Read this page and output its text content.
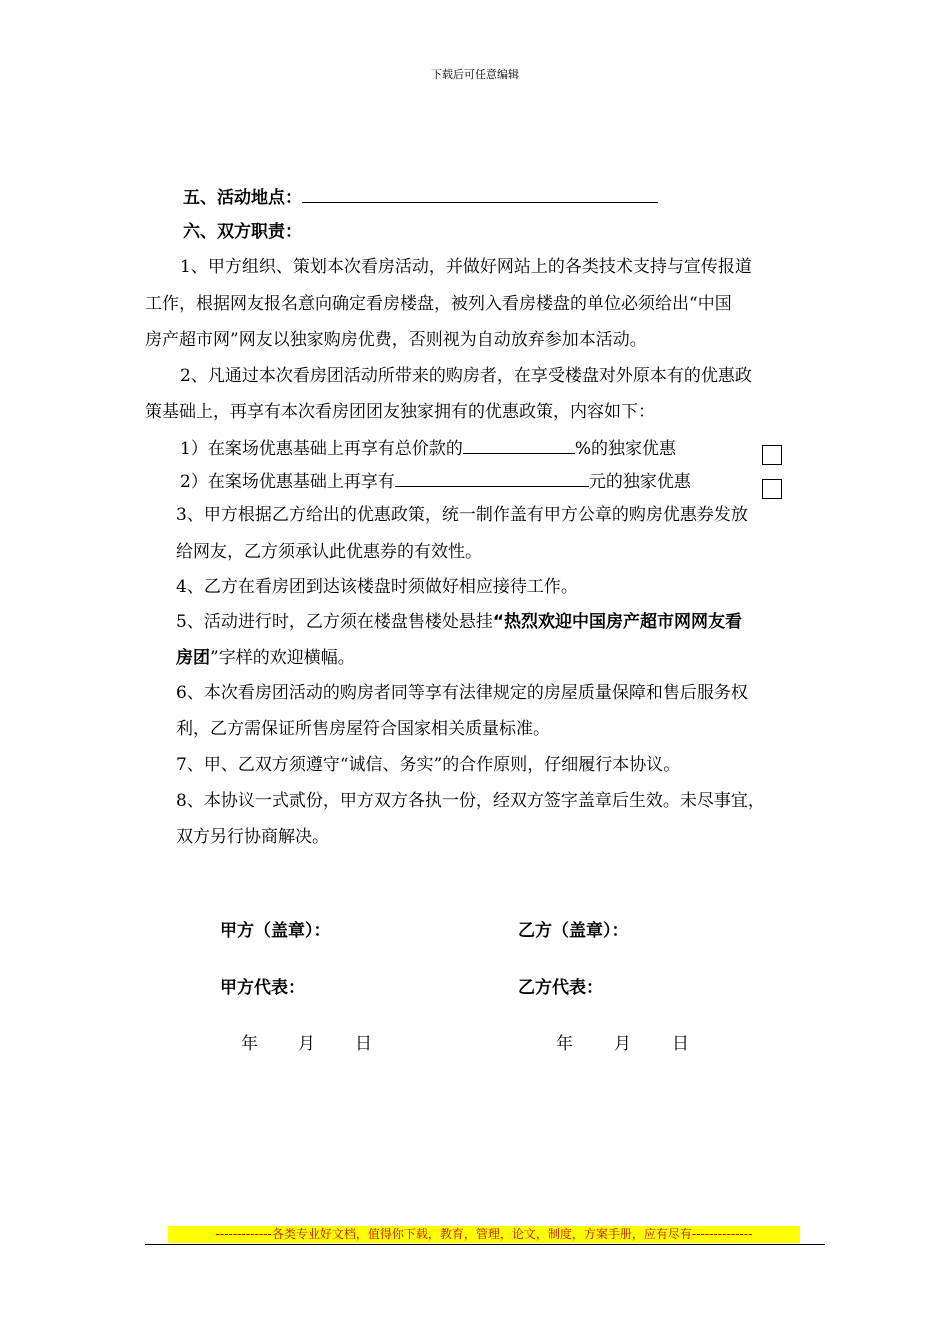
下载后可任意编辑
五、活动地点：
六、双方职责：
1、甲方组织、策划本次看房活动，并做好网站上的各类技术支持与宣传报道
工作，根据网友报名意向确定看房楼盘，被列入看房楼盘的单位必须给出“中国
房产超市网”网友以独家购房优费，否则视为自动放弃参加本活动。
2、凡通过本次看房团活动所带来的购房者，在享受楼盘对外原本有的优惠政
策基础上，再享有本次看房团团友独家拥有的优惠政策，内容如下：
1）在案场优惠基础上再享有总价款的	%的独家优惠
2）在案场优惠基础上再享有	元的独家优惠
3、甲方根据乙方给出的优惠政策，统一制作盖有甲方公章的购房优惠券发放
给网友，乙方须承认此优惠券的有效性。
4、乙方在看房团到达该楼盘时须做好相应接待工作。
5、活动进行时，乙方须在楼盘售楼处悬挂“热烈欢迎中国房产超市网网友看
房团”字样的欢迎横幅。
6、本次看房团活动的购房者同等享有法律规定的房屋质量保障和售后服务权
利，乙方需保证所售房屋符合国家相关质量标准。
7、甲、乙双方须遵守“诚信、务实”的合作原则，仔细履行本协议。
8、本协议一式贰份，甲方双方各执一份，经双方签字盖章后生效。未尽事宜，
双方另行协商解决。
甲方（盖章）：	乙方（盖章）：
甲方代表：	乙方代表：
年 月 日	年 月 日
-------------各类专业好文档，值得你下载，教育，管理，论文，制度，方案手册，应有尽有--------------
